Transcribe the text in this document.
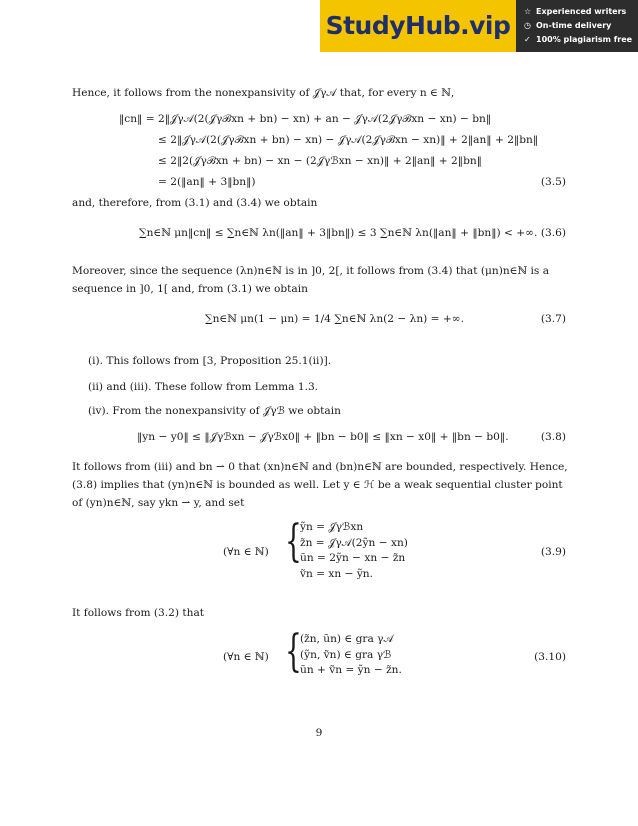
StudyHub.vip	☆ Experienced writers
◷ On-time delivery
✓ 100% plagiarism free
Hence, it follows from the nonexpansivity of 𝒥γ𝒜 that, for every n ∈ ℕ,
‖cn‖ = 2‖𝒥γ𝒜(2(𝒥γℬxn + bn) − xn) + an − 𝒥γ𝒜(2𝒥γℬxn − xn) − bn‖
≤ 2‖𝒥γ𝒜(2(𝒥γℬxn + bn) − xn) − 𝒥γ𝒜(2𝒥γℬxn − xn)‖ + 2‖an‖ + 2‖bn‖
≤ 2‖2(𝒥γℬxn + bn) − xn − (2𝒥γℬxn − xn)‖ + 2‖an‖ + 2‖bn‖
= 2(‖an‖ + 3‖bn‖)	(3.5)
and, therefore, from (3.1) and (3.4) we obtain
∑n∈ℕ μn‖cn‖ ≤ ∑n∈ℕ λn(‖an‖ + 3‖bn‖) ≤ 3 ∑n∈ℕ λn(‖an‖ + ‖bn‖) < +∞. (3.6)
Moreover, since the sequence (λn)n∈ℕ is in ]0, 2[, it follows from (3.4) that (μn)n∈ℕ is a
sequence in ]0, 1[ and, from (3.1) we obtain
∑n∈ℕ μn(1 − μn) = 1/4 ∑n∈ℕ λn(2 − λn) = +∞.	(3.7)
(i). This follows from [3, Proposition 25.1(ii)].
(ii) and (iii). These follow from Lemma 1.3.
(iv). From the nonexpansivity of 𝒥γℬ we obtain
‖yn − y0‖ ≤ ‖𝒥γℬxn − 𝒥γℬx0‖ + ‖bn − b0‖ ≤ ‖xn − x0‖ + ‖bn − b0‖.	(3.8)
It follows from (iii) and bn ⇀ 0 that (xn)n∈ℕ and (bn)n∈ℕ are bounded, respectively. Hence,
(3.8) implies that (yn)n∈ℕ is bounded as well. Let y ∈ ℋ be a weak sequential cluster point
of (yn)n∈ℕ, say ykn ⇀ y, and set
(∀n ∈ ℕ) {
ỹn = 𝒥γℬxn
z̃n = 𝒥γ𝒜(2ỹn − xn)
ũn = 2ỹn − xn − z̃n
ṽn = xn − ỹn.
(3.9)
It follows from (3.2) that
(∀n ∈ ℕ) {
(z̃n, ũn) ∈ gra γ𝒜
(ỹn, ṽn) ∈ gra γℬ
ũn + ṽn = ỹn − z̃n.
(3.10)
9
